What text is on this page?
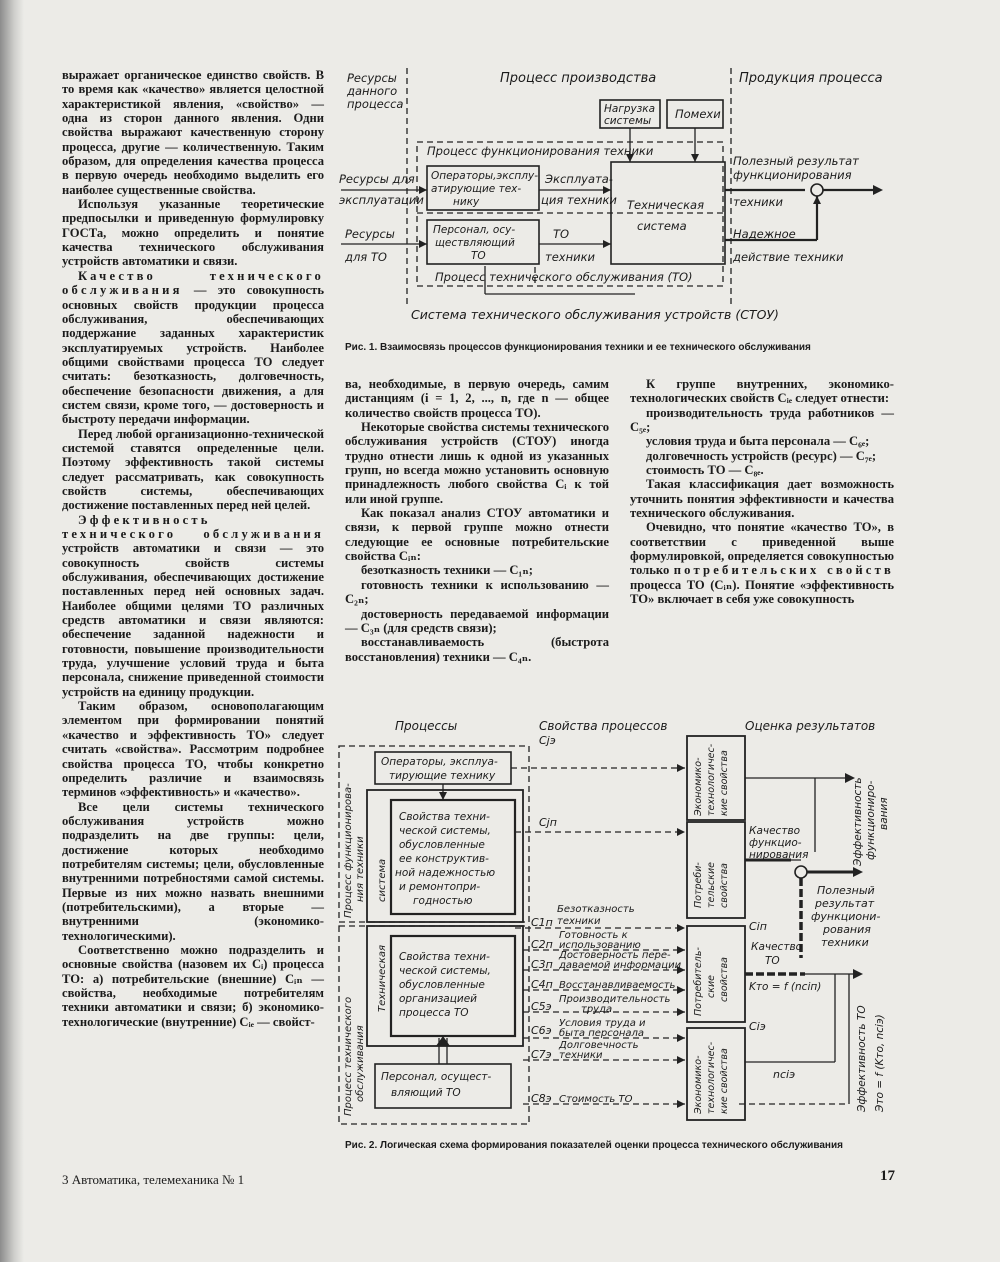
выражает органическое единство свойств. В то время как «качество» является целостной характеристикой явления, «свойство» — одна из сторон данного явления. Одни свойства выражают качественную сторону процесса, другие — количественную. Таким образом, для определения качества процесса в первую очередь необходимо выделить его наиболее существенные свойства.

Используя указанные теоретические предпосылки и приведенную формулировку ГОСТа, можно определить и понятие качества технического обслуживания устройств автоматики и связи.

Качество технического обслуживания — это совокупность основных свойств продукции процесса обслуживания, обеспечивающих поддержание заданных характеристик эксплуатируемых устройств. Наиболее общими свойствами процесса ТО следует считать: безотказность, долговечность, обеспечение безопасности движения, а для систем связи, кроме того, — достоверность и быстроту передачи информации.

Перед любой организационно-технической системой ставятся определенные цели. Поэтому эффективность такой системы следует рассматривать, как совокупность свойств системы, обеспечивающих достижение поставленных перед ней целей.

Эффективность технического обслуживания устройств автоматики и связи — это совокупность свойств системы обслуживания, обеспечивающих достижение поставленных перед ней основных задач. Наиболее общими целями ТО различных средств автоматики и связи являются: обеспечение заданной надежности и готовности, повышение производительности труда, улучшение условий труда и быта персонала, снижение приведенной стоимости устройств на единицу продукции.

Таким образом, основополагающим элементом при формировании понятий «качество и эффективность ТО» следует считать «свойства». Рассмотрим подробнее свойства процесса ТО, чтобы конкретно определить различие и взаимосвязь терминов «эффективность» и «качество».

Все цели системы технического обслуживания устройств можно подразделить на две группы: цели, достижение которых необходимо потребителям системы; цели, обусловленные внутренними потребностями самой системы. Первые из них можно назвать внешними (потребительскими), а вторые — внутренними (экономико-технологическими).

Соответственно можно подразделить и основные свойства (назовем их Cᵢ) процесса ТО: а) потребительские (внешние) Cᵢₙ — свойства, необходимые потребителям техники автоматики и связи; б) экономико-технологические (внутренние) Cᵢₑ — свойст-

Ресурсы
данного
процесса
Процесс производства	Продукция процесса
Нагрузка
системы Помехи
Процесс функционирования техники
Ресурсы для
эксплуатации
Операторы,эксплу-
атирующие тех-
нику
Эксплуата-
ция техники Техническая
система
Полезный результат
функционирования
техники
Ресурсы
для ТО
Персонал, осу-
ществляющий
ТО
ТО
техники
Надежное
действие техники
Процесс технического обслуживания (ТО)
Система технического обслуживания устройств (СТОУ)
Рис. 1. Взаимосвязь процессов функционирования техники и ее технического обслуживания

ва, необходимые, в первую очередь, самим дистанциям (i = 1, 2, ..., n, где n — общее количество свойств процесса ТО).

Некоторые свойства системы технического обслуживания устройств (СТОУ) иногда трудно отнести лишь к одной из указанных групп, но всегда можно установить основную принадлежность любого свойства Cᵢ к той или иной группе.

Как показал анализ СТОУ автоматики и связи, к первой группе можно отнести следующие ее основные потребительские свойства Cᵢₙ:

безотказность техники — C₁ₙ;

готовность техники к использованию — C₂ₙ;

достоверность передаваемой информации — C₃ₙ (для средств связи);

восстанавливаемость (быстрота восстановления) техники — C₄ₙ.

К группе внутренних, экономико-технологических свойств Cᵢₑ следует отнести:

производительность труда работников — C₅ₑ;

условия труда и быта персонала — C₆ₑ;

долговечность устройств (ресурс) — C₇ₑ;

стоимость ТО — C₈ₑ.

Такая классификация дает возможность уточнить понятия эффективности и качества технического обслуживания.

Очевидно, что понятие «качество ТО», в соответствии с приведенной выше формулировкой, определяется совокупностью только потребительских свойств процесса ТО (Cᵢₙ). Понятие «эффективность ТО» включает в себя уже совокупность

Процессы	Свойства процессов	Оценка результатов
Процесс функционирова- ния техники
Процесс технического обслуживания
система
Техническая
Операторы, эксплуа-
тирующие технику
Свойства техни-
ческой системы,
обусловленные
ее конструктив-
ной надежностью
и ремонтопри-
годностью
Свойства техни-
ческой системы,
обусловленные
организацией
процесса ТО
Персонал, осущест-
вляющий ТО
Cjэ
Cjп
C1п
Безотказность
техники
C2п
Готовность к
использованию
C3п
Достоверность пере-
даваемой информации
C4п Восстанавливаемость
C5э
Производительность
труда
C6э
Условия труда и
быта персонала
C7э
Долговечность
техники
C8э Стоимость ТО
Экономико- технологичес- кие свойства
Потреби- тельские свойства
Потребитель- ские свойства
Экономико- технологичес- кие свойства
Качество
функцио-
нирования
Ciп
Качество
ТО
Kто = f (nciп)
Ciэ
nciэ
Полезный
результат
функциони-
рования
техники
Эффективность функциониро- вания
Эффективность ТО Это = f (Kто, nciэ)
Рис. 2. Логическая схема формирования показателей оценки процесса технического обслуживания
3 Автоматика, телемеханика № 1	17
